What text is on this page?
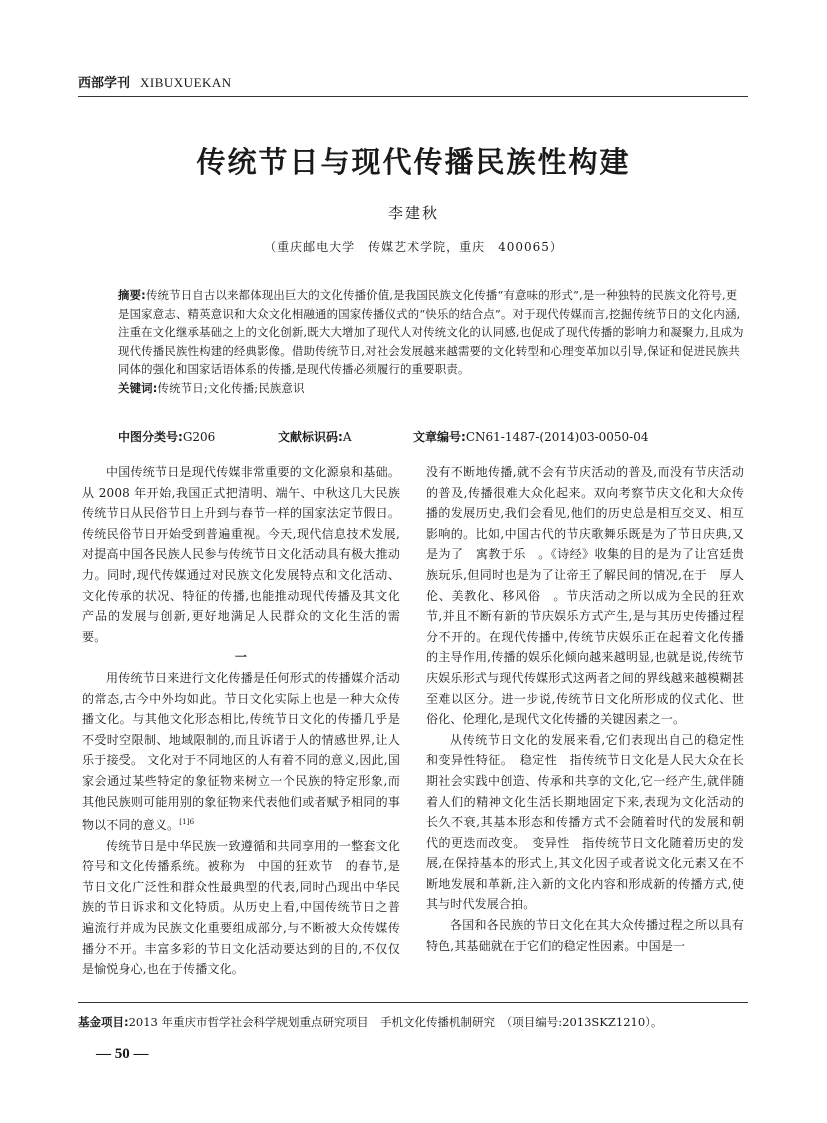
西部学刊 XIBUXUEKAN
传统节日与现代传播民族性构建
李建秋
（重庆邮电大学　传媒艺术学院，重庆　400065）
摘要:传统节日自古以来都体现出巨大的文化传播价值,是我国民族文化传播“有意味的形式”,是一种独特的民族文化符号,更是国家意志、精英意识和大众文化相融通的国家传播仪式的“快乐的结合点”。对于现代传媒而言,挖掘传统节日的文化内涵,注重在文化继承基础之上的文化创新,既大大增加了现代人对传统文化的认同感,也促成了现代传播的影响力和凝聚力,且成为现代传播民族性构建的经典影像。借助传统节日,对社会发展越来越需要的文化转型和心理变革加以引导,保证和促进民族共同体的强化和国家话语体系的传播,是现代传播必须履行的重要职责。
关键词:传统节日;文化传播;民族意识
中图分类号:G206	文献标识码:A	文章编号:CN61-1487-(2014)03-0050-04

中国传统节日是现代传媒非常重要的文化源泉和基础。从 2008 年开始,我国正式把清明、端午、中秋这几大民族传统节日从民俗节日上升到与春节一样的国家法定节假日。传统民俗节日开始受到普遍重视。今天,现代信息技术发展,对提高中国各民族人民参与传统节日文化活动具有极大推动力。同时,现代传媒通过对民族文化发展特点和文化活动、文化传承的状况、特征的传播,也能推动现代传播及其文化产品的发展与创新,更好地满足人民群众的文化生活的需要。

一

用传统节日来进行文化传播是任何形式的传播媒介活动的常态,古今中外均如此。节日文化实际上也是一种大众传播文化。与其他文化形态相比,传统节日文化的传播几乎是不受时空限制、地域限制的,而且诉诸于人的情感世界,让人乐于接受。 文化对于不同地区的人有着不同的意义,因此,国家会通过某些特定的象征物来树立一个民族的特定形象,而其他民族则可能用别的象征物来代表他们或者赋予相同的事物以不同的意义。$^{[1]6}$

传统节日是中华民族一致遵循和共同享用的一整套文化符号和文化传播系统。被称为　中国的狂欢节　的春节,是节日文化广泛性和群众性最典型的代表,同时凸现出中华民族的节日诉求和文化特质。从历史上看,中国传统节日之普遍流行并成为民族文化重要组成部分,与不断被大众传媒传播分不开。丰富多彩的节日文化活动要达到的目的,不仅仅是愉悦身心,也在于传播文化。

没有不断地传播,就不会有节庆活动的普及,而没有节庆活动的普及,传播很难大众化起来。双向考察节庆文化和大众传播的发展历史,我们会看见,他们的历史总是相互交叉、相互影响的。比如,中国古代的节庆歌舞乐既是为了节日庆典,又是为了　寓教于乐　。《诗经》收集的目的是为了让宫廷贵族玩乐,但同时也是为了让帝王了解民间的情况,在于　厚人伦、美教化、移风俗　。节庆活动之所以成为全民的狂欢节,并且不断有新的节庆娱乐方式产生,是与其历史传播过程分不开的。在现代传播中,传统节庆娱乐正在起着文化传播的主导作用,传播的娱乐化倾向越来越明显,也就是说,传统节庆娱乐形式与现代传媒形式这两者之间的界线越来越模糊甚至难以区分。进一步说,传统节日文化所形成的仪式化、世俗化、伦理化,是现代文化传播的关键因素之一。

从传统节日文化的发展来看,它们表现出自己的稳定性和变异性特征。　稳定性　指传统节日文化是人民大众在长期社会实践中创造、传承和共享的文化,它一经产生,就伴随着人们的精神文化生活长期地固定下来,表现为文化活动的长久不衰,其基本形态和传播方式不会随着时代的发展和朝代的更迭而改变。　变异性　指传统节日文化随着历史的发展,在保持基本的形式上,其文化因子或者说文化元素又在不断地发展和革新,注入新的文化内容和形成新的传播方式,使其与时代发展合拍。

各国和各民族的节日文化在其大众传播过程之所以具有特色,其基础就在于它们的稳定性因素。中国是一

基金项目:2013 年重庆市哲学社会科学规划重点研究项目　手机文化传播机制研究　（项目编号:2013SKZ1210）。
— 50 —
